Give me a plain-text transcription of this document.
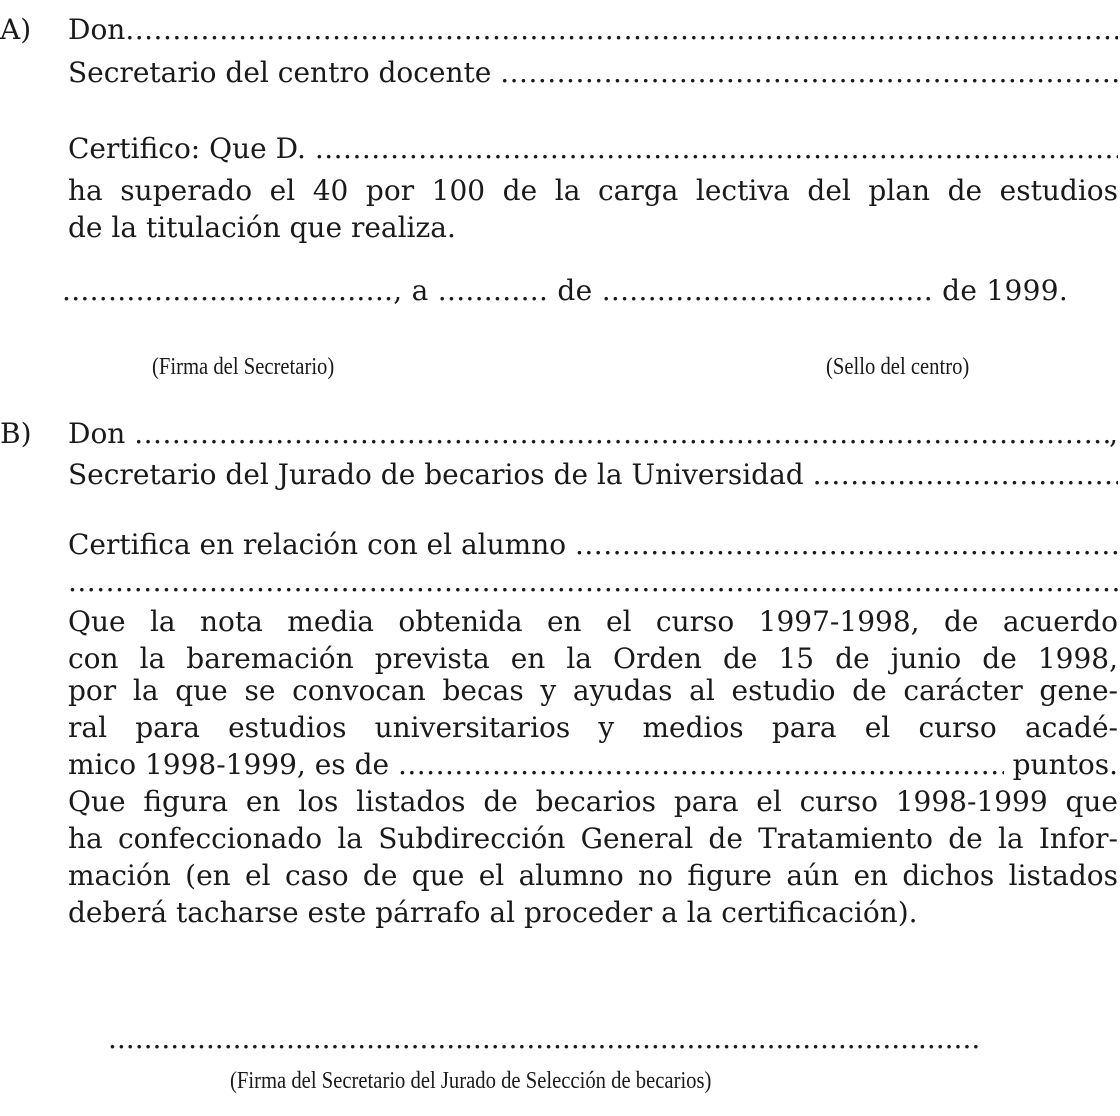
A) Don
.....
Secretario del centro docente
.....
Certifico: Que D.
.....
ha superado el 40 por 100 de la carga lectiva del plan de estudios
de la titulación que realiza.
...................................., a ............ de .................................... de 1999.
(Firma del Secretario)	(Sello del centro)
B) Don .....	,
Secretario del Jurado de becarios de la Universidad
.....
Certifica en relación con el alumno
.....
.....
Que la nota media obtenida en el curso 1997-1998, de acuerdo
con la baremación prevista en la Orden de 15 de junio de 1998,
por la que se convocan becas y ayudas al estudio de carácter gene-
ral para estudios universitarios y medios para el curso acadé-
mico 1998-1999, es de .....	puntos.
Que figura en los listados de becarios para el curso 1998-1999 que
ha confeccionado la Subdirección General de Tratamiento de la Infor-
mación (en el caso de que el alumno no figure aún en dichos listados
deberá tacharse este párrafo al proceder a la certificación).
..................................................................................................
(Firma del Secretario del Jurado de Selección de becarios)
